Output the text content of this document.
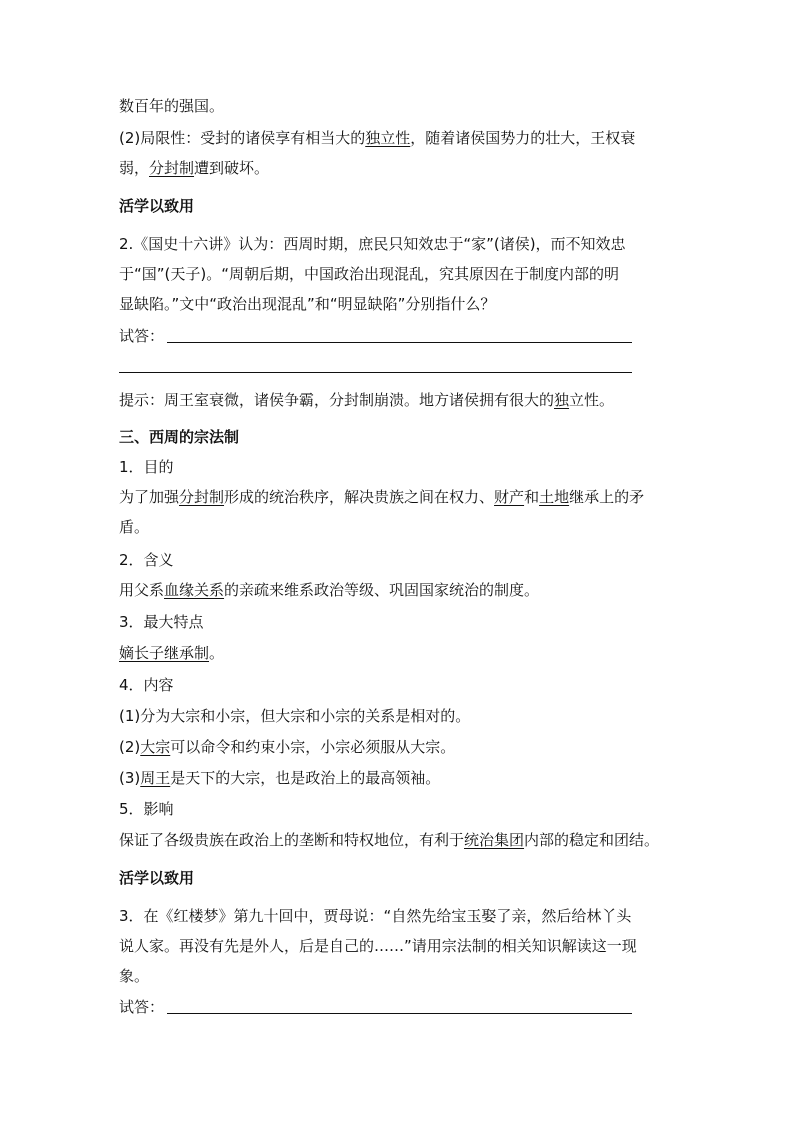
数百年的强国。
(2)局限性：受封的诸侯享有相当大的独立性，随着诸侯国势力的壮大，王权衰
弱，分封制遭到破坏。
活学以致用
2.《国史十六讲》认为：西周时期，庶民只知效忠于“家”(诸侯)，而不知效忠
于“国”(天子)。“周朝后期，中国政治出现混乱，究其原因在于制度内部的明
显缺陷。”文中“政治出现混乱”和“明显缺陷”分别指什么？
试答：
提示：周王室衰微，诸侯争霸，分封制崩溃。地方诸侯拥有很大的独立性。
三、西周的宗法制
1．目的
为了加强分封制形成的统治秩序，解决贵族之间在权力、财产和土地继承上的矛
盾。
2．含义
用父系血缘关系的亲疏来维系政治等级、巩固国家统治的制度。
3．最大特点
嫡长子继承制。
4．内容
(1)分为大宗和小宗，但大宗和小宗的关系是相对的。
(2)大宗可以命令和约束小宗，小宗必须服从大宗。
(3)周王是天下的大宗，也是政治上的最高领袖。
5．影响
保证了各级贵族在政治上的垄断和特权地位，有利于统治集团内部的稳定和团结。
活学以致用
3．在《红楼梦》第九十回中，贾母说：“自然先给宝玉娶了亲，然后给林丫头
说人家。再没有先是外人，后是自己的……”请用宗法制的相关知识解读这一现
象。
试答：
